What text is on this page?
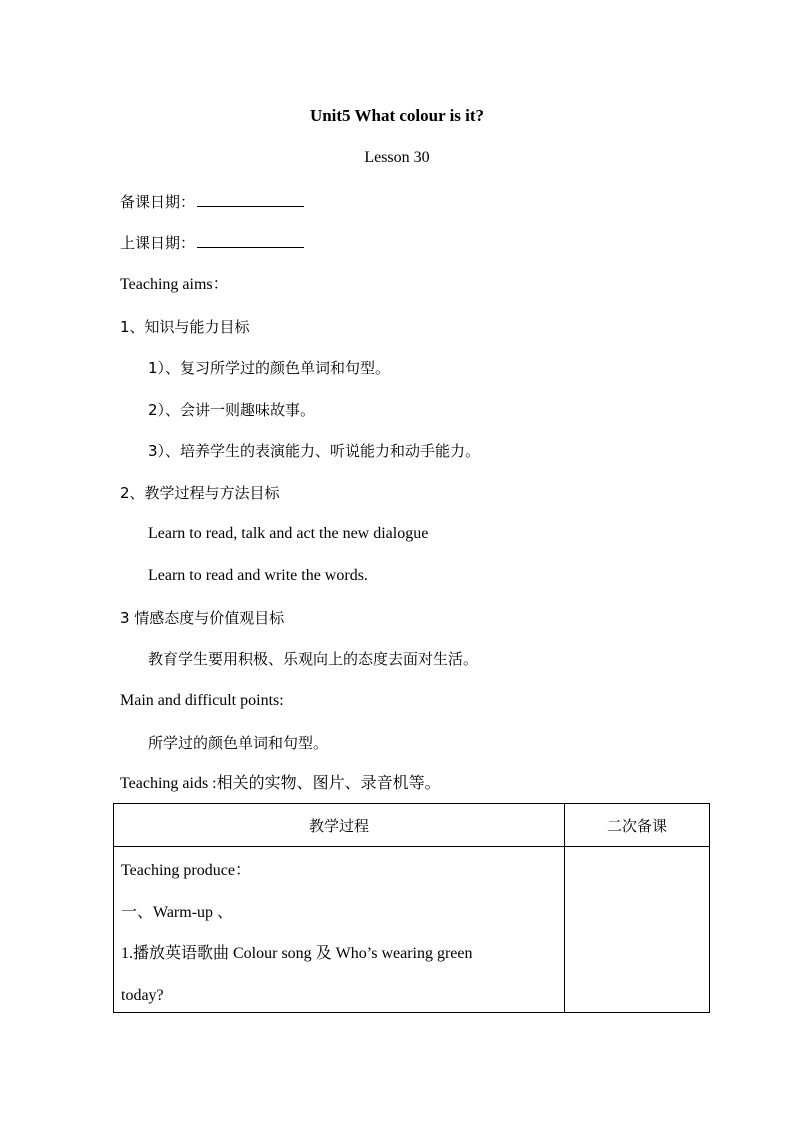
Unit5 What colour is it?
Lesson 30
备课日期：
上课日期：
Teaching aims：
1、知识与能力目标
1）、复习所学过的颜色单词和句型。
2）、会讲一则趣味故事。
3）、培养学生的表演能力、听说能力和动手能力。
2、教学过程与方法目标
Learn to read, talk and act the new dialogue
Learn to read and write the words.
3 情感态度与价值观目标
教育学生要用积极、乐观向上的态度去面对生活。
Main and difficult points:
所学过的颜色单词和句型。
Teaching aids :相关的实物、图片、录音机等。
教学过程	二次备课

Teaching produce：
一、Warm-up 、
1.播放英语歌曲 Colour song 及 Who’s wearing green
today?	
